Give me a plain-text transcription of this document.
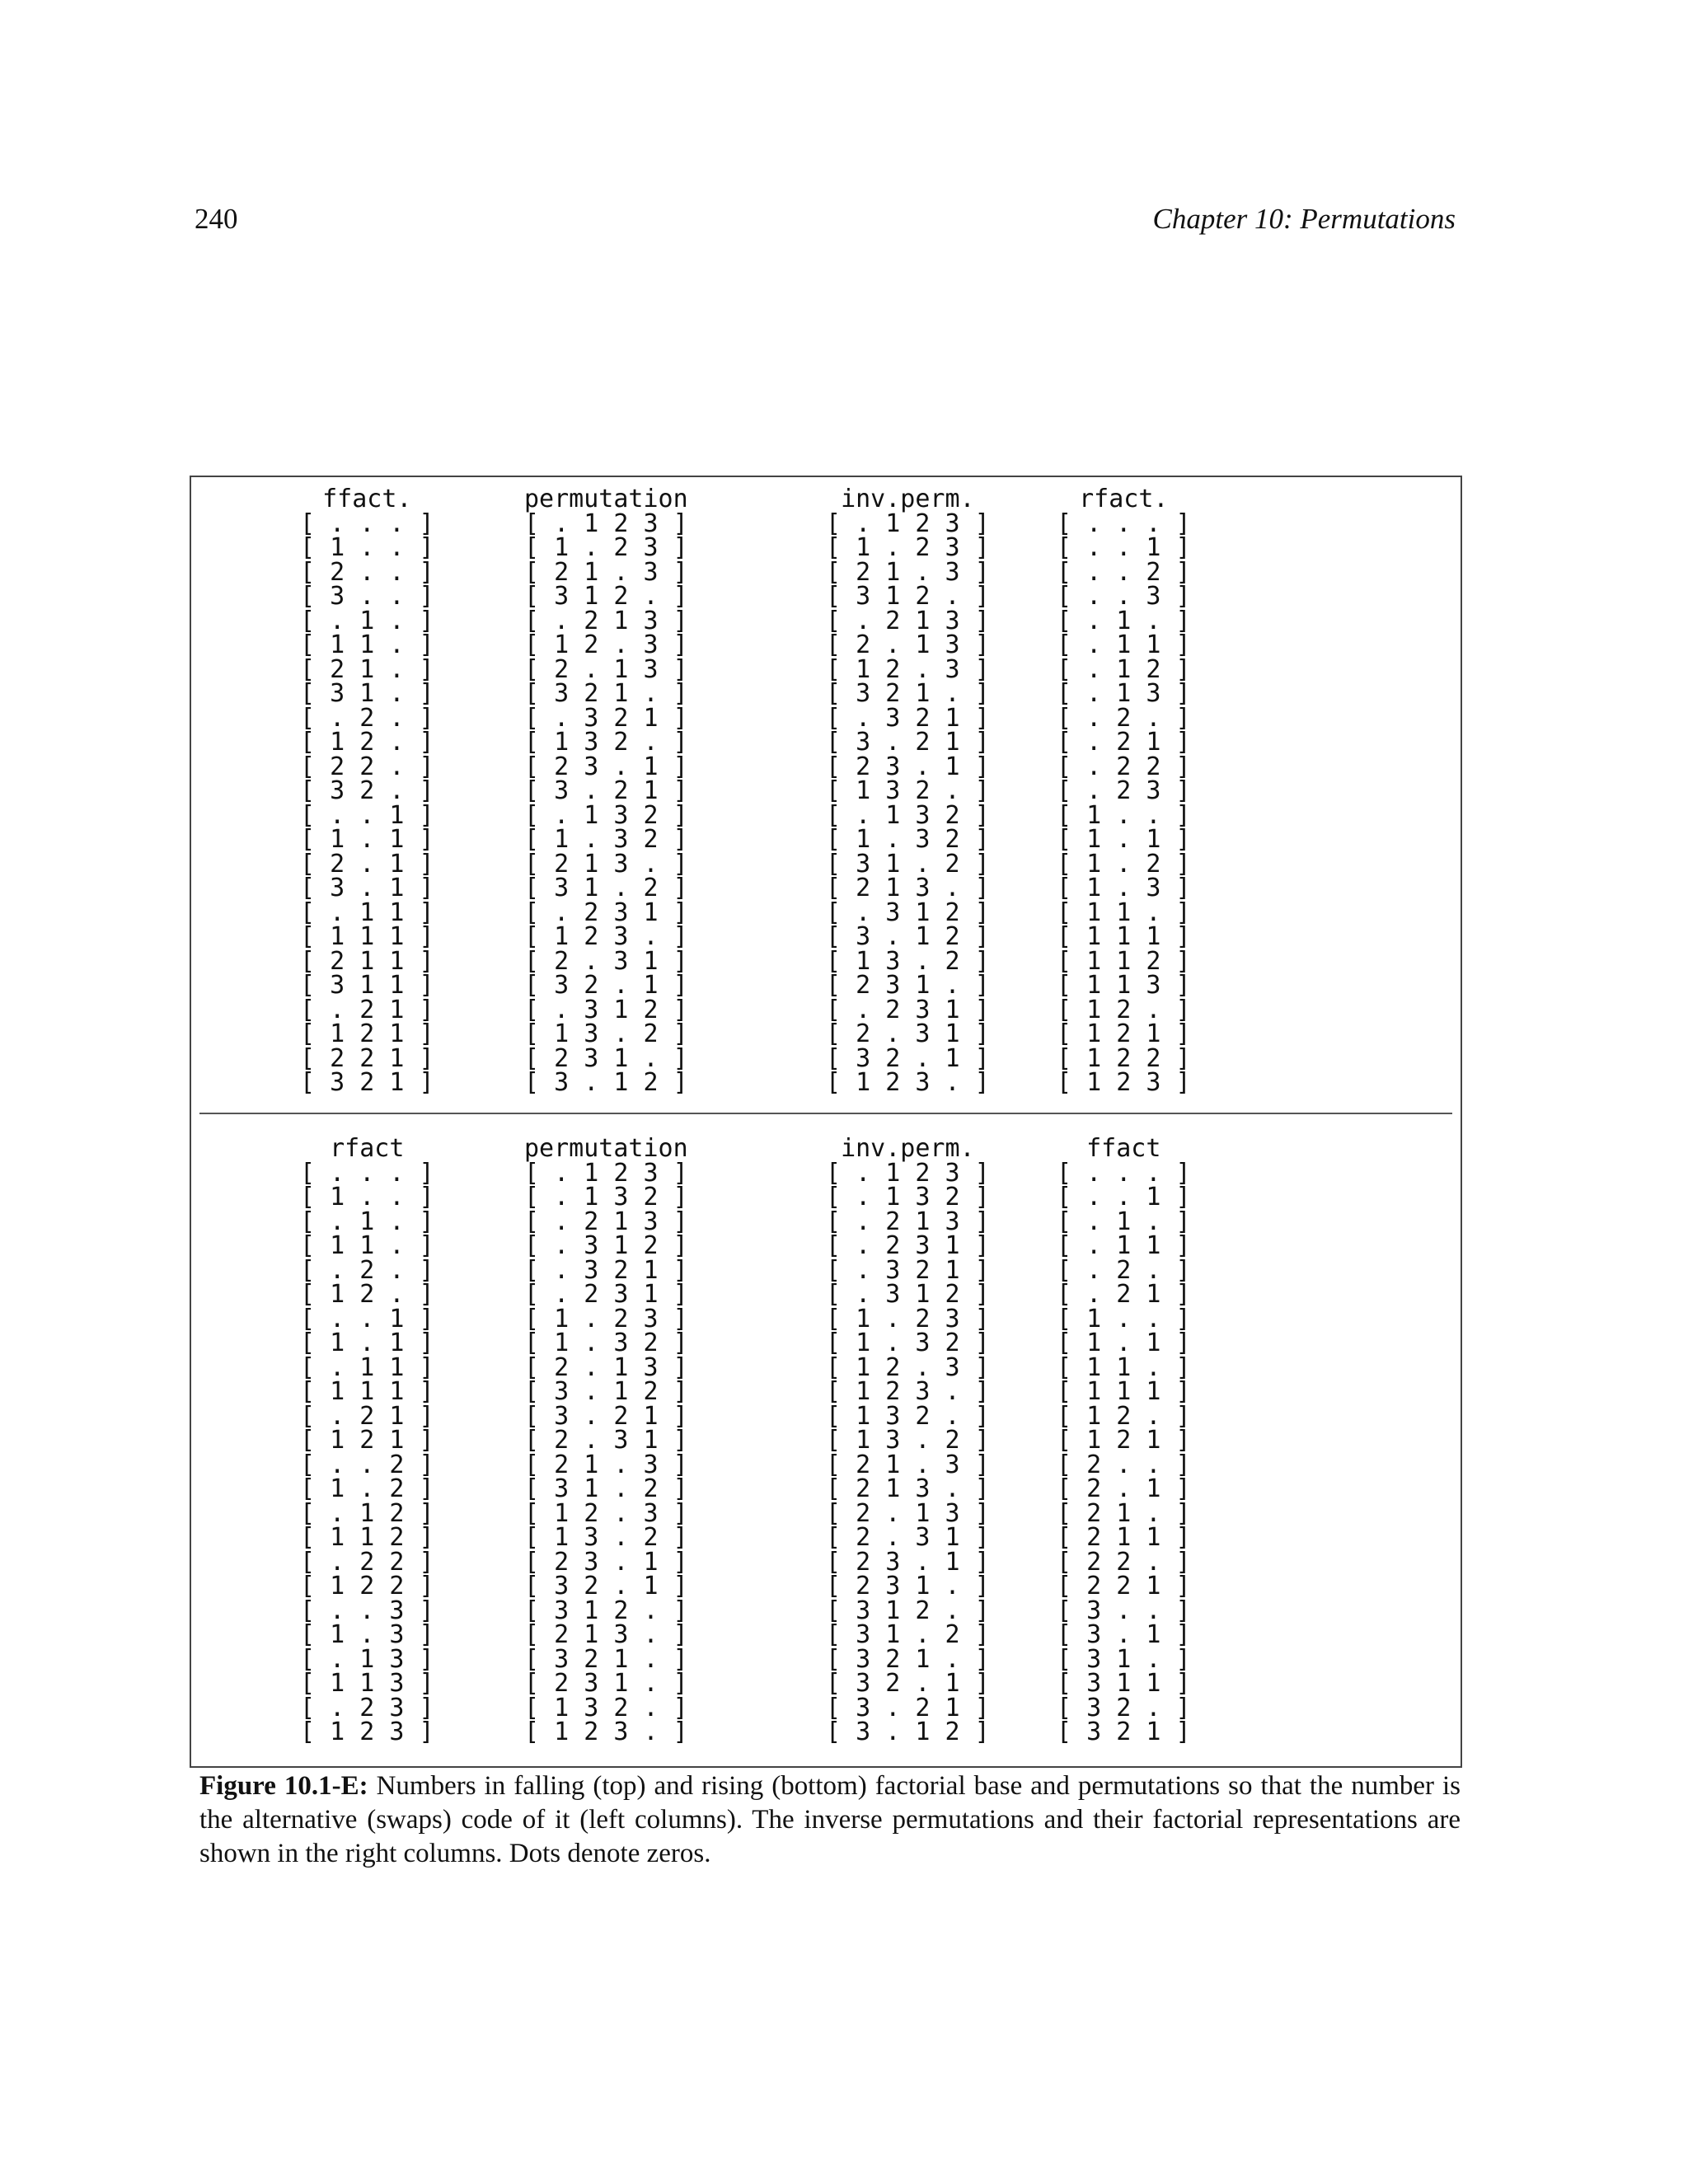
240	Chapter 10: Permutations
ffact.
[ . . . ]
[ 1 . . ]
[ 2 . . ]
[ 3 . . ]
[ . 1 . ]
[ 1 1 . ]
[ 2 1 . ]
[ 3 1 . ]
[ . 2 . ]
[ 1 2 . ]
[ 2 2 . ]
[ 3 2 . ]
[ . . 1 ]
[ 1 . 1 ]
[ 2 . 1 ]
[ 3 . 1 ]
[ . 1 1 ]
[ 1 1 1 ]
[ 2 1 1 ]
[ 3 1 1 ]
[ . 2 1 ]
[ 1 2 1 ]
[ 2 2 1 ]
[ 3 2 1 ]
permutation
[ . 1 2 3 ]
[ 1 . 2 3 ]
[ 2 1 . 3 ]
[ 3 1 2 . ]
[ . 2 1 3 ]
[ 1 2 . 3 ]
[ 2 . 1 3 ]
[ 3 2 1 . ]
[ . 3 2 1 ]
[ 1 3 2 . ]
[ 2 3 . 1 ]
[ 3 . 2 1 ]
[ . 1 3 2 ]
[ 1 . 3 2 ]
[ 2 1 3 . ]
[ 3 1 . 2 ]
[ . 2 3 1 ]
[ 1 2 3 . ]
[ 2 . 3 1 ]
[ 3 2 . 1 ]
[ . 3 1 2 ]
[ 1 3 . 2 ]
[ 2 3 1 . ]
[ 3 . 1 2 ]
inv.perm.
[ . 1 2 3 ]
[ 1 . 2 3 ]
[ 2 1 . 3 ]
[ 3 1 2 . ]
[ . 2 1 3 ]
[ 2 . 1 3 ]
[ 1 2 . 3 ]
[ 3 2 1 . ]
[ . 3 2 1 ]
[ 3 . 2 1 ]
[ 2 3 . 1 ]
[ 1 3 2 . ]
[ . 1 3 2 ]
[ 1 . 3 2 ]
[ 3 1 . 2 ]
[ 2 1 3 . ]
[ . 3 1 2 ]
[ 3 . 1 2 ]
[ 1 3 . 2 ]
[ 2 3 1 . ]
[ . 2 3 1 ]
[ 2 . 3 1 ]
[ 3 2 . 1 ]
[ 1 2 3 . ]
rfact.
[ . . . ]
[ . . 1 ]
[ . . 2 ]
[ . . 3 ]
[ . 1 . ]
[ . 1 1 ]
[ . 1 2 ]
[ . 1 3 ]
[ . 2 . ]
[ . 2 1 ]
[ . 2 2 ]
[ . 2 3 ]
[ 1 . . ]
[ 1 . 1 ]
[ 1 . 2 ]
[ 1 . 3 ]
[ 1 1 . ]
[ 1 1 1 ]
[ 1 1 2 ]
[ 1 1 3 ]
[ 1 2 . ]
[ 1 2 1 ]
[ 1 2 2 ]
[ 1 2 3 ]
rfact
[ . . . ]
[ 1 . . ]
[ . 1 . ]
[ 1 1 . ]
[ . 2 . ]
[ 1 2 . ]
[ . . 1 ]
[ 1 . 1 ]
[ . 1 1 ]
[ 1 1 1 ]
[ . 2 1 ]
[ 1 2 1 ]
[ . . 2 ]
[ 1 . 2 ]
[ . 1 2 ]
[ 1 1 2 ]
[ . 2 2 ]
[ 1 2 2 ]
[ . . 3 ]
[ 1 . 3 ]
[ . 1 3 ]
[ 1 1 3 ]
[ . 2 3 ]
[ 1 2 3 ]
permutation
[ . 1 2 3 ]
[ . 1 3 2 ]
[ . 2 1 3 ]
[ . 3 1 2 ]
[ . 3 2 1 ]
[ . 2 3 1 ]
[ 1 . 2 3 ]
[ 1 . 3 2 ]
[ 2 . 1 3 ]
[ 3 . 1 2 ]
[ 3 . 2 1 ]
[ 2 . 3 1 ]
[ 2 1 . 3 ]
[ 3 1 . 2 ]
[ 1 2 . 3 ]
[ 1 3 . 2 ]
[ 2 3 . 1 ]
[ 3 2 . 1 ]
[ 3 1 2 . ]
[ 2 1 3 . ]
[ 3 2 1 . ]
[ 2 3 1 . ]
[ 1 3 2 . ]
[ 1 2 3 . ]
inv.perm.
[ . 1 2 3 ]
[ . 1 3 2 ]
[ . 2 1 3 ]
[ . 2 3 1 ]
[ . 3 2 1 ]
[ . 3 1 2 ]
[ 1 . 2 3 ]
[ 1 . 3 2 ]
[ 1 2 . 3 ]
[ 1 2 3 . ]
[ 1 3 2 . ]
[ 1 3 . 2 ]
[ 2 1 . 3 ]
[ 2 1 3 . ]
[ 2 . 1 3 ]
[ 2 . 3 1 ]
[ 2 3 . 1 ]
[ 2 3 1 . ]
[ 3 1 2 . ]
[ 3 1 . 2 ]
[ 3 2 1 . ]
[ 3 2 . 1 ]
[ 3 . 2 1 ]
[ 3 . 1 2 ]
ffact
[ . . . ]
[ . . 1 ]
[ . 1 . ]
[ . 1 1 ]
[ . 2 . ]
[ . 2 1 ]
[ 1 . . ]
[ 1 . 1 ]
[ 1 1 . ]
[ 1 1 1 ]
[ 1 2 . ]
[ 1 2 1 ]
[ 2 . . ]
[ 2 . 1 ]
[ 2 1 . ]
[ 2 1 1 ]
[ 2 2 . ]
[ 2 2 1 ]
[ 3 . . ]
[ 3 . 1 ]
[ 3 1 . ]
[ 3 1 1 ]
[ 3 2 . ]
[ 3 2 1 ]
Figure 10.1-E: Numbers in falling (top) and rising (bottom) factorial base and permutations so that the number is the alternative (swaps) code of it (left columns). The inverse permutations and their factorial representations are shown in the right columns. Dots denote zeros.
